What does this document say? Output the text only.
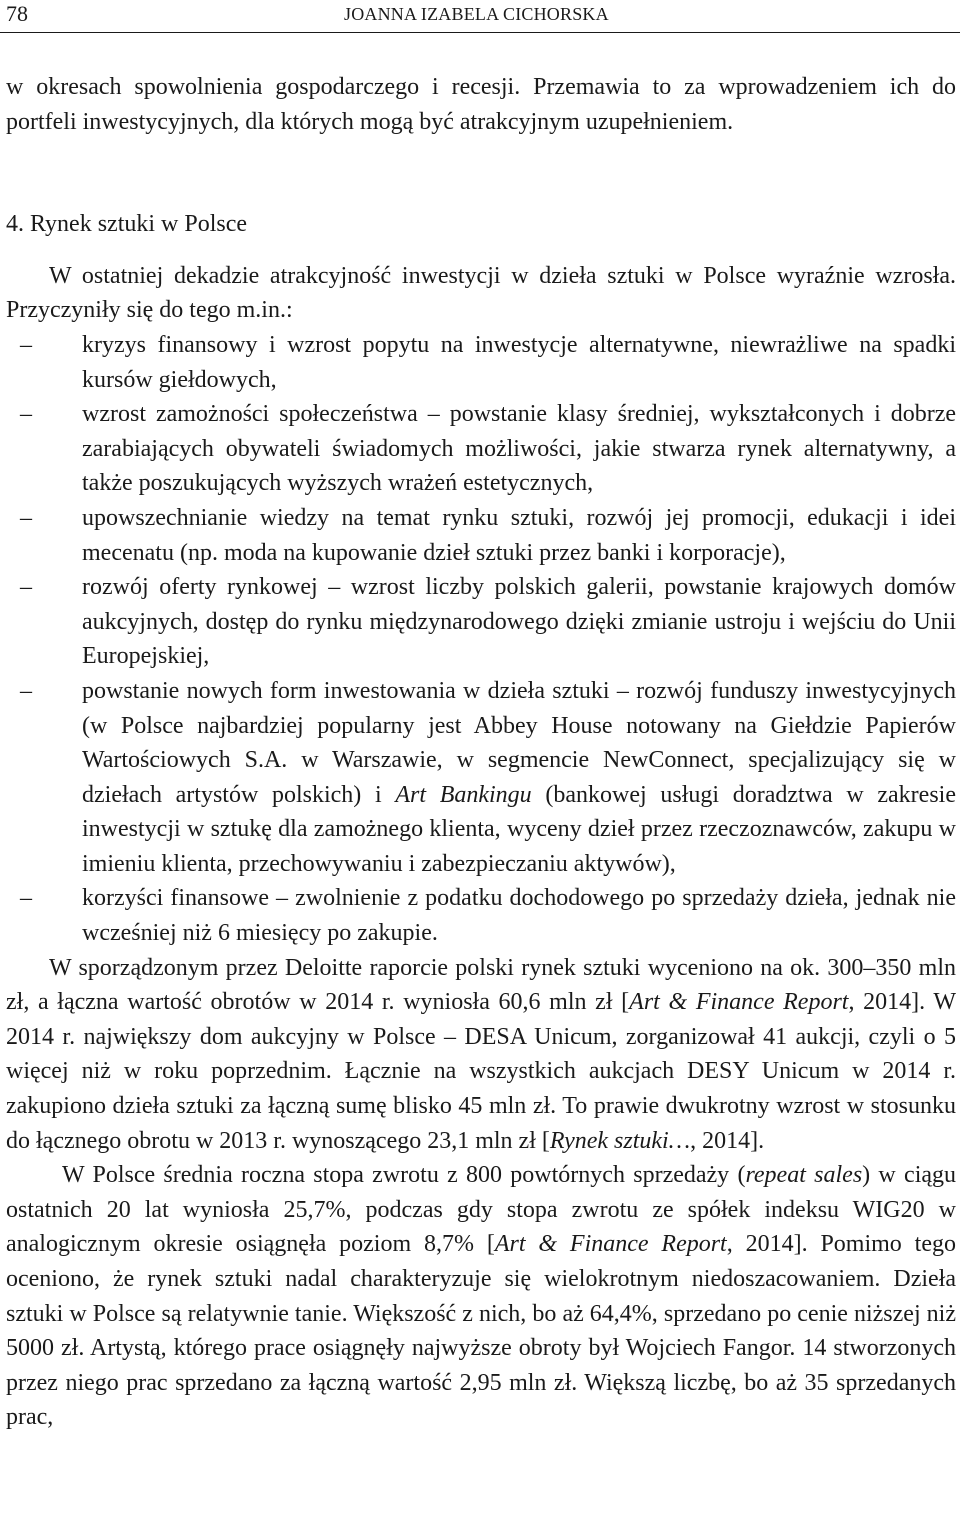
78	JOANNA IZABELA CICHORSKA

w okresach spowolnienia gospodarczego i recesji. Przemawia to za wprowadzeniem ich do portfeli inwestycyjnych, dla których mogą być atrakcyjnym uzupełnieniem.

4. Rynek sztuki w Polsce

W ostatniej dekadzie atrakcyjność inwestycji w dzieła sztuki w Polsce wyraźnie wzrosła. Przyczyniły się do tego m.in.:

– kryzys finansowy i wzrost popytu na inwestycje alternatywne, niewrażliwe na spadki kursów giełdowych,
– wzrost zamożności społeczeństwa – powstanie klasy średniej, wykształconych i dobrze zarabiających obywateli świadomych możliwości, jakie stwarza rynek alternatywny, a także poszukujących wyższych wrażeń estetycznych,
– upowszechnianie wiedzy na temat rynku sztuki, rozwój jej promocji, edukacji i idei mecenatu (np. moda na kupowanie dzieł sztuki przez banki i korporacje),
– rozwój oferty rynkowej – wzrost liczby polskich galerii, powstanie krajowych domów aukcyjnych, dostęp do rynku międzynarodowego dzięki zmianie ustroju i wejściu do Unii Europejskiej,
– powstanie nowych form inwestowania w dzieła sztuki – rozwój funduszy inwestycyjnych (w Polsce najbardziej popularny jest Abbey House notowany na Giełdzie Papierów Wartościowych S.A. w Warszawie, w segmencie NewConnect, specjalizujący się w dziełach artystów polskich) i Art Bankingu (bankowej usługi doradztwa w zakresie inwestycji w sztukę dla zamożnego klienta, wyceny dzieł przez rzeczoznawców, zakupu w imieniu klienta, przechowywaniu i zabezpieczaniu aktywów),
– korzyści finansowe – zwolnienie z podatku dochodowego po sprzedaży dzieła, jednak nie wcześniej niż 6 miesięcy po zakupie.

W sporządzonym przez Deloitte raporcie polski rynek sztuki wyceniono na ok. 300–350 mln zł, a łączna wartość obrotów w 2014 r. wyniosła 60,6 mln zł [Art & Finance Report, 2014]. W 2014 r. największy dom aukcyjny w Polsce – DESA Unicum, zorganizował 41 aukcji, czyli o 5 więcej niż w roku poprzednim. Łącznie na wszystkich aukcjach DESY Unicum w 2014 r. zakupiono dzieła sztuki za łączną sumę blisko 45 mln zł. To prawie dwukrotny wzrost w stosunku do łącznego obrotu w 2013 r. wynoszącego 23,1 mln zł [Rynek sztuki…, 2014].

W Polsce średnia roczna stopa zwrotu z 800 powtórnych sprzedaży (repeat sales) w ciągu ostatnich 20 lat wyniosła 25,7%, podczas gdy stopa zwrotu ze spółek indeksu WIG20 w analogicznym okresie osiągnęła poziom 8,7% [Art & Finance Report, 2014]. Pomimo tego oceniono, że rynek sztuki nadal charakteryzuje się wielokrotnym niedoszacowaniem. Dzieła sztuki w Polsce są relatywnie tanie. Większość z nich, bo aż 64,4%, sprzedano po cenie niższej niż 5000 zł. Artystą, którego prace osiągnęły najwyższe obroty był Wojciech Fangor. 14 stworzonych przez niego prac sprzedano za łączną wartość 2,95 mln zł. Większą liczbę, bo aż 35 sprzedanych prac,
